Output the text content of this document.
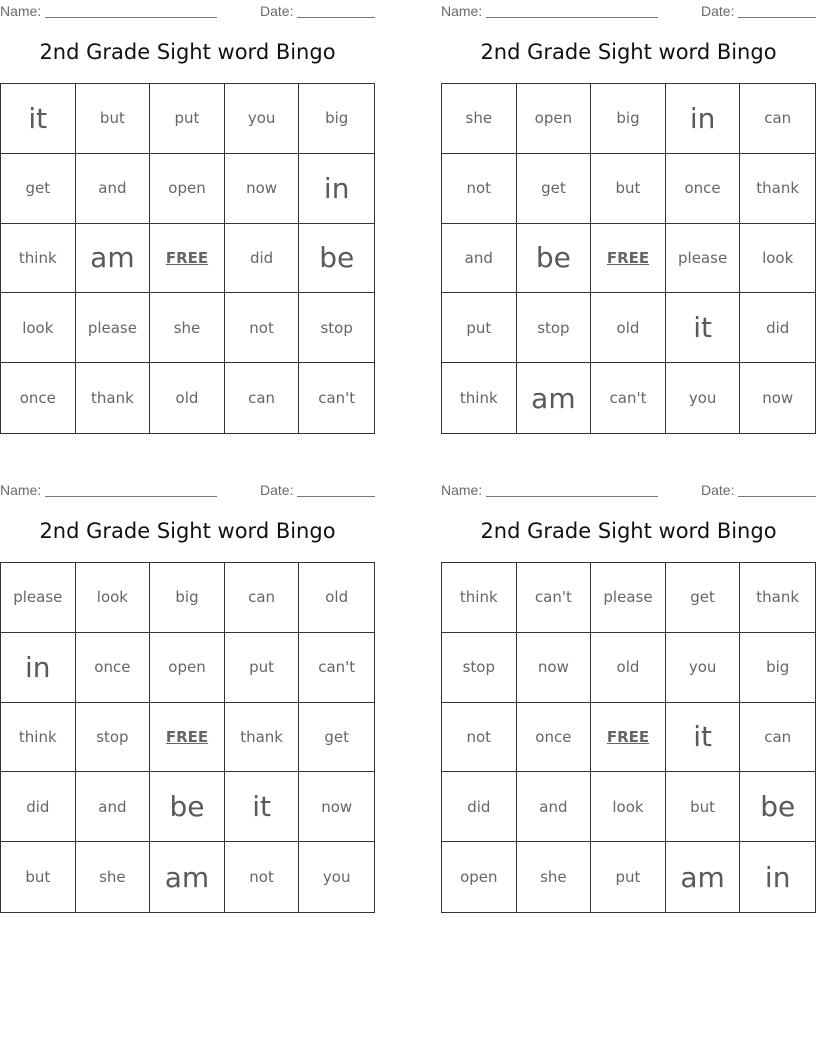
Name:	Date:
2nd Grade Sight word Bingo
it	but	put	you	big
get	and	open	now	in
think	am	FREE	did	be
look	please	she	not	stop
once	thank	old	can	can't
Name:	Date:
2nd Grade Sight word Bingo
she	open	big	in	can
not	get	but	once	thank
and	be	FREE	please	look
put	stop	old	it	did
think	am	can't	you	now
Name:	Date:
2nd Grade Sight word Bingo
please	look	big	can	old
in	once	open	put	can't
think	stop	FREE	thank	get
did	and	be	it	now
but	she	am	not	you
Name:	Date:
2nd Grade Sight word Bingo
think	can't	please	get	thank
stop	now	old	you	big
not	once	FREE	it	can
did	and	look	but	be
open	she	put	am	in
